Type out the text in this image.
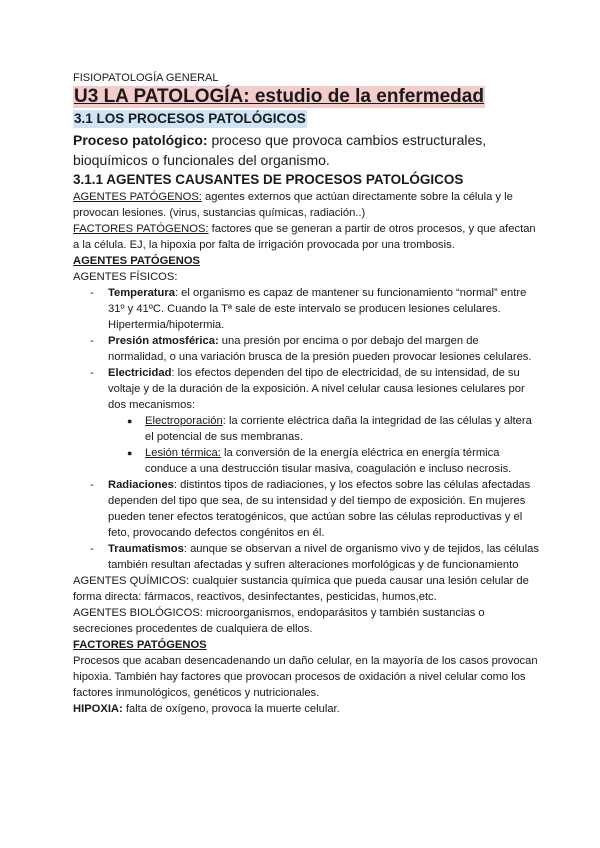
FISIOPATOLOGÍA GENERAL
U3 LA PATOLOGÍA: estudio de la enfermedad
3.1 LOS PROCESOS PATOLÓGICOS
Proceso patológico: proceso que provoca cambios estructurales, bioquímicos o funcionales del organismo.
3.1.1 AGENTES CAUSANTES DE PROCESOS PATOLÓGICOS

AGENTES PATÓGENOS: agentes externos que actúan directamente sobre la célula y le provocan lesiones. (virus, sustancias químicas, radiación..)

FACTORES PATÓGENOS: factores que se generan a partir de otros procesos, y que afectan a la célula. EJ, la hipoxia por falta de irrigación provocada por una trombosis.

AGENTES PATÓGENOS

AGENTES FÍSICOS:

- Temperatura: el organismo es capaz de mantener su funcionamiento “normal” entre 31º y 41ºC. Cuando la Tª sale de este intervalo se producen lesiones celulares. Hipertermia/hipotermia.
- Presión atmosférica: una presión por encima o por debajo del margen de normalidad, o una variación brusca de la presión pueden provocar lesiones celulares.
- Electricidad: los efectos dependen del tipo de electricidad, de su intensidad, de su voltaje y de la duración de la exposición. A nivel celular causa lesiones celulares por dos mecanismos:
● Electroporación: la corriente eléctrica daña la integridad de las células y altera el potencial de sus membranas.
● Lesión térmica: la conversión de la energía eléctrica en energía térmica conduce a una destrucción tisular masiva, coagulación e incluso necrosis.
- Radiaciones: distintos tipos de radiaciones, y los efectos sobre las células afectadas dependen del tipo que sea, de su intensidad y del tiempo de exposición. En mujeres pueden tener efectos teratogénicos, que actúan sobre las células reproductivas y el feto, provocando defectos congénitos en él.
- Traumatismos: aunque se observan a nivel de organismo vivo y de tejidos, las células también resultan afectadas y sufren alteraciones morfológicas y de funcionamiento

AGENTES QUÍMICOS: cualquier sustancia química que pueda causar una lesión celular de forma directa: fármacos, reactivos, desinfectantes, pesticidas, humos,etc.

AGENTES BIOLÓGICOS: microorganismos, endoparásitos y también sustancias o secreciones procedentes de cualquiera de ellos.

FACTORES PATÓGENOS

Procesos que acaban desencadenando un daño celular, en la mayoría de los casos provocan hipoxia. También hay factores que provocan procesos de oxidación a nivel celular como los factores inmunológicos, genéticos y nutricionales.

HIPOXIA: falta de oxígeno, provoca la muerte celular.
